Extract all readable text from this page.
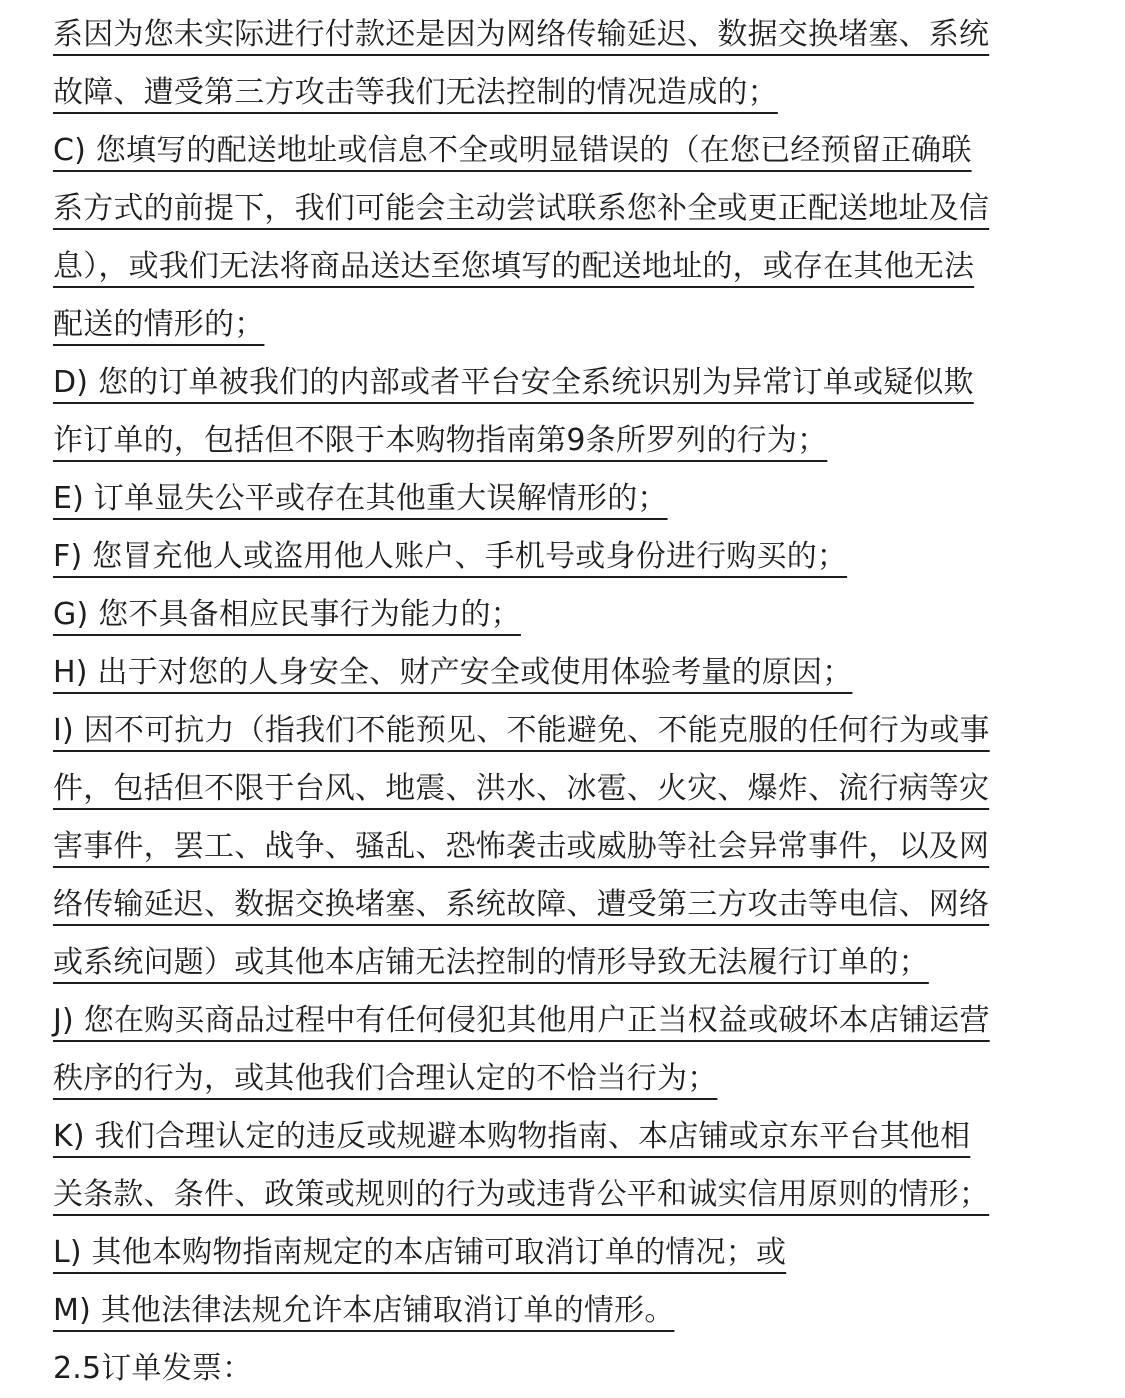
系因为您未实际进行付款还是因为网络传输延迟、数据交换堵塞、系统
故障、遭受第三方攻击等我们无法控制的情况造成的；
C) 您填写的配送地址或信息不全或明显错误的（在您已经预留正确联
系方式的前提下，我们可能会主动尝试联系您补全或更正配送地址及信
息），或我们无法将商品送达至您填写的配送地址的，或存在其他无法
配送的情形的；
D) 您的订单被我们的内部或者平台安全系统识别为异常订单或疑似欺
诈订单的，包括但不限于本购物指南第9条所罗列的行为；
E) 订单显失公平或存在其他重大误解情形的；
F) 您冒充他人或盗用他人账户、手机号或身份进行购买的；
G) 您不具备相应民事行为能力的；
H) 出于对您的人身安全、财产安全或使用体验考量的原因；
I) 因不可抗力（指我们不能预见、不能避免、不能克服的任何行为或事
件，包括但不限于台风、地震、洪水、冰雹、火灾、爆炸、流行病等灾
害事件，罢工、战争、骚乱、恐怖袭击或威胁等社会异常事件，以及网
络传输延迟、数据交换堵塞、系统故障、遭受第三方攻击等电信、网络
或系统问题）或其他本店铺无法控制的情形导致无法履行订单的；
J) 您在购买商品过程中有任何侵犯其他用户正当权益或破坏本店铺运营
秩序的行为，或其他我们合理认定的不恰当行为；
K) 我们合理认定的违反或规避本购物指南、本店铺或京东平台其他相
关条款、条件、政策或规则的行为或违背公平和诚实信用原则的情形；
L) 其他本购物指南规定的本店铺可取消订单的情况；或
M) 其他法律法规允许本店铺取消订单的情形。
2.5订单发票：
